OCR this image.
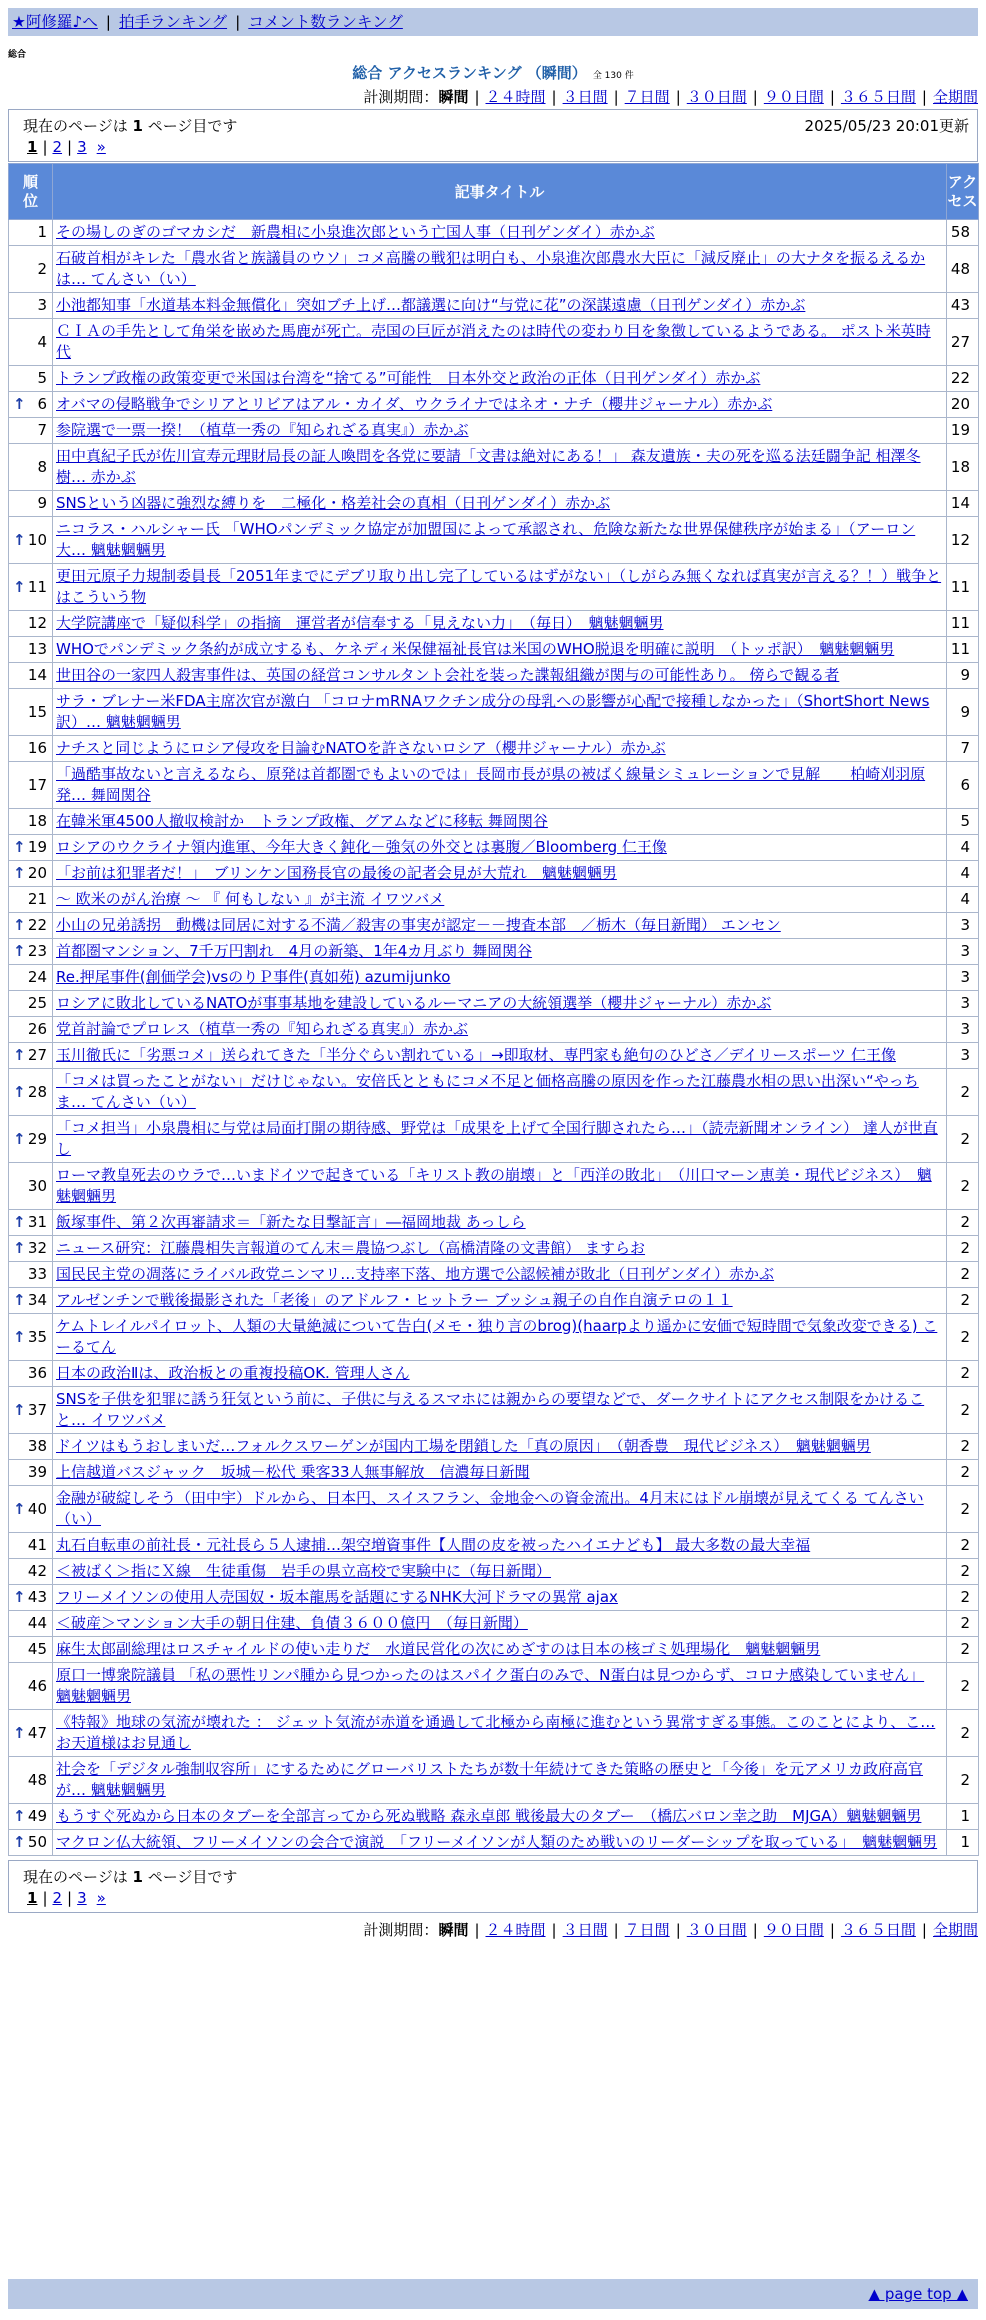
★阿修羅♪へ | 拍手ランキング | コメント数ランキング
総合
総合 アクセスランキング （瞬間） 全 130 件
計測期間：瞬間 | ２４時間 | ３日間 | ７日間 | ３０日間 | ９０日間 | ３６５日間 | 全期間
現在のページは 1 ページ目です	2025/05/23 20:01更新
1 | 2 | 3 »
順位	記事タイトル	アクセス
1	その場しのぎのゴマカシだ　新農相に小泉進次郎という亡国人事（日刊ゲンダイ）赤かぶ	58
2	石破首相がキレた「農水省と族議員のウソ」コメ高騰の戦犯は明白も、小泉進次郎農水大臣に「減反廃止」の大ナタを振るえるかは… てんさい（い）	48
3	小池都知事「水道基本料金無償化」突如ブチ上げ…都議選に向け“与党に花”の深謀遠慮（日刊ゲンダイ）赤かぶ	43
4	ＣＩＡの手先として角栄を嵌めた馬鹿が死亡。売国の巨匠が消えたのは時代の変わり目を象徴しているようである。 ポスト米英時代	27
5	トランプ政権の政策変更で米国は台湾を“捨てる”可能性　日本外交と政治の正体（日刊ゲンダイ）赤かぶ	22

↑ 6	オバマの侵略戦争でシリアとリビアはアル・カイダ、ウクライナではネオ・ナチ（櫻井ジャーナル）赤かぶ	20
7	参院選で一票一揆！（植草一秀の『知られざる真実』）赤かぶ	19
8	田中真紀子氏が佐川宣寿元理財局長の証人喚問を各党に要請「文書は絶対にある！」 森友遺族・夫の死を巡る法廷闘争記 相澤冬樹… 赤かぶ	18
9	SNSという凶器に強烈な縛りを　二極化・格差社会の真相（日刊ゲンダイ）赤かぶ	14

↑ 10	ニコラス・ハルシャー氏 「WHOパンデミック協定が加盟国によって承認され、危険な新たな世界保健秩序が始まる」（アーロン大… 魑魅魍魎男	12

↑ 11	更田元原子力規制委員長「2051年までにデブリ取り出し完了しているはずがない」（しがらみ無くなれば真実が言える？！）戦争とはこういう物	11
12	大学院講座で「疑似科学」の指摘　運営者が信奉する「見えない力」　（毎日）　魑魅魍魎男	11
13	WHOでパンデミック条約が成立するも、ケネディ米保健福祉長官は米国のWHO脱退を明確に説明　（トッポ訳）　魑魅魍魎男	11
14	世田谷の一家四人殺害事件は、英国の経営コンサルタント会社を装った諜報組織が関与の可能性あり。 傍らで観る者	9
15	サラ・ブレナー米FDA主席次官が激白 「コロナmRNAワクチン成分の母乳への影響が心配で接種しなかった」（ShortShort News訳）… 魑魅魍魎男	9
16	ナチスと同じようにロシア侵攻を目論むNATOを許さないロシア（櫻井ジャーナル）赤かぶ	7
17	「過酷事故ないと言えるなら、原発は首都圏でもよいのでは」長岡市長が県の被ばく線量シミュレーションで見解　　柏崎刈羽原発… 舞岡関谷	6
18	在韓米軍4500人撤収検討か　トランプ政権、グアムなどに移転 舞岡関谷	5

↑ 19	ロシアのウクライナ領内進軍、今年大きく鈍化－強気の外交とは裏腹／Bloomberg 仁王像	4

↑ 20	「お前は犯罪者だ！」　ブリンケン国務長官の最後の記者会見が大荒れ　魑魅魍魎男	4
21	～ 欧米のがん治療 ～ 『 何もしない 』が主流 イワツバメ	4

↑ 22	小山の兄弟誘拐　動機は同居に対する不満／殺害の事実が認定－－捜査本部　／栃木（毎日新聞） エンセン	3

↑ 23	首都圏マンション、7千万円割れ　4月の新築、1年4カ月ぶり 舞岡関谷	3
24	Re.押尾事件(創価学会)vsのりＰ事件(真如苑) azumijunko	3
25	ロシアに敗北しているNATOが事事基地を建設しているルーマニアの大統領選挙（櫻井ジャーナル）赤かぶ	3
26	党首討論でプロレス（植草一秀の『知られざる真実』）赤かぶ	3

↑ 27	玉川徹氏に「劣悪コメ」送られてきた「半分ぐらい割れている」→即取材、専門家も絶句のひどさ／デイリースポーツ 仁王像	3

↑ 28	「コメは買ったことがない」だけじゃない。安倍氏とともにコメ不足と価格高騰の原因を作った江藤農水相の思い出深い“やっちま… てんさい（い）	2

↑ 29	「コメ担当」小泉農相に与党は局面打開の期待感、野党は「成果を上げて全国行脚されたら…」（読売新聞オンライン） 達人が世直し	2
30	ローマ教皇死去のウラで…いまドイツで起きている「キリスト教の崩壊」と「西洋の敗北」　（川口マーン恵美・現代ビジネス）　魑魅魍魎男	2

↑ 31	飯塚事件、第２次再審請求＝「新たな目撃証言」―福岡地裁 あっしら	2

↑ 32	ニュース研究：江藤農相失言報道のてん末＝農協つぶし（高橋清隆の文書館） ますらお	2
33	国民民主党の凋落にライバル政党ニンマリ…支持率下落、地方選で公認候補が敗北（日刊ゲンダイ）赤かぶ	2

↑ 34	アルゼンチンで戦後撮影された「老後」のアドルフ・ヒットラー ブッシュ親子の自作自演テロの１１	2

↑ 35	ケムトレイルパイロット、人類の大量絶滅について告白(メモ・独り言のbrog)(haarpより遥かに安価で短時間で気象改変できる) こーるてん	2
36	日本の政治Ⅱは、政治板との重複投稿OK. 管理人さん	2

↑ 37	SNSを子供を犯罪に誘う狂気という前に、子供に与えるスマホには親からの要望などで、ダークサイトにアクセス制限をかけること… イワツバメ	2
38	ドイツはもうおしまいだ…フォルクスワーゲンが国内工場を閉鎖した「真の原因」　（朝香豊　現代ビジネス）　魑魅魍魎男	2
39	上信越道バスジャック　坂城－松代 乗客33人無事解放　信濃毎日新聞	2

↑ 40	金融が破綻しそう（田中宇）ドルから、日本円、スイスフラン、金地金への資金流出。4月末にはドル崩壊が見えてくる てんさい（い）	2
41	丸石自転車の前社長・元社長ら５人逮捕…架空増資事件【人間の皮を被ったハイエナども】 最大多数の最大幸福	2
42	＜被ばく＞指にＸ線　生徒重傷　岩手の県立高校で実験中に（毎日新聞）	2

↑ 43	フリーメイソンの使用人売国奴・坂本龍馬を話題にするNHK大河ドラマの異常 ajax	2
44	＜破産＞マンション大手の朝日住建、負債３６００億円　（毎日新聞）	2
45	麻生太郎副総理はロスチャイルドの使い走りだ　水道民営化の次にめざすのは日本の核ゴミ処理場化　魑魅魍魎男	2
46	原口一博衆院議員 「私の悪性リンパ腫から見つかったのはスパイク蛋白のみで、N蛋白は見つからず、コロナ感染していません」 魑魅魍魎男	2

↑ 47	《特報》地球の気流が壊れた ： ジェット気流が赤道を通過して北極から南極に進むという異常すぎる事態。このことにより、こ… お天道様はお見通し	2
48	社会を「デジタル強制収容所」にするためにグローバリストたちが数十年続けてきた策略の歴史と「今後」を元アメリカ政府高官が… 魑魅魍魎男	2

↑ 49	もうすぐ死ぬから日本のタブーを全部言ってから死ぬ戦略 森永卓郎 戦後最大のタブー　（橋広バロン幸之助　MJGA）魑魅魍魎男	1

↑ 50	マクロン仏大統領、フリーメイソンの会合で演説　「フリーメイソンが人類のため戦いのリーダーシップを取っている」　魑魅魍魎男	1
現在のページは 1 ページ目です
1 | 2 | 3 »
計測期間：瞬間 | ２４時間 | ３日間 | ７日間 | ３０日間 | ９０日間 | ３６５日間 | 全期間
▲ page top ▲
